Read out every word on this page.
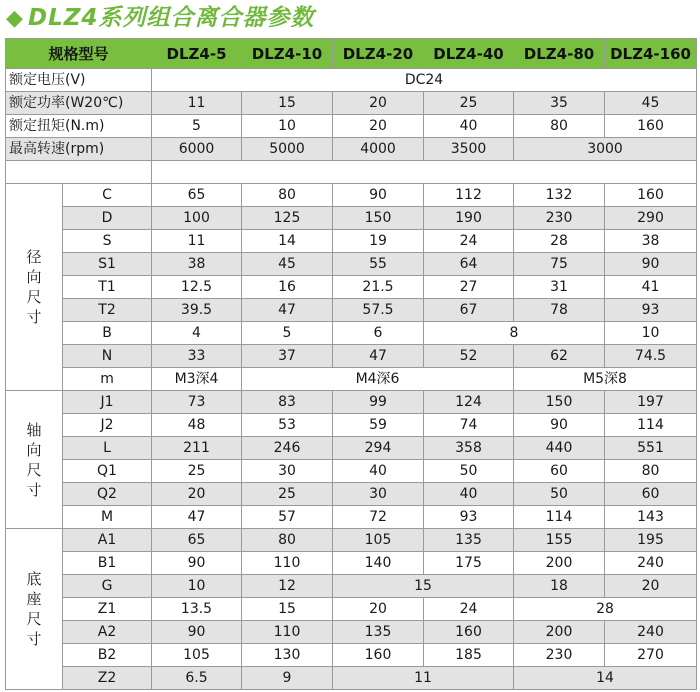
◆ DLZ4系列组合离合器参数
规格型号		DLZ4-5	DLZ4-10	DLZ4-20	DLZ4-40	DLZ4-80	DLZ4-160
额定电压(V)		DC24					
额定功率(W20℃)		11	15	20	25	35	45
额定扭矩(N.m)		5	10	20	40	80	160
最高转速(rpm)		6000	5000	4000	3500	3000	

径
向
尺
寸	C	65	80	90	112	132	160
	D	100	125	150	190	230	290
	S	11	14	19	24	28	38
	S1	38	45	55	64	75	90
	T1	12.5	16	21.5	27	31	41
	T2	39.5	47	57.5	67	78	93
	B	4	5	6	8		10
	N	33	37	47	52	62	74.5
	m	M3深4	M4深6			M5深8	

轴
向
尺
寸	J1	73	83	99	124	150	197
	J2	48	53	59	74	90	114
	L	211	246	294	358	440	551
	Q1	25	30	40	50	60	80
	Q2	20	25	30	40	50	60
	M	47	57	72	93	114	143

底
座
尺
寸	A1	65	80	105	135	155	195
	B1	90	110	140	175	200	240
	G	10	12	15		18	20
	Z1	13.5	15	20	24	28	
	A2	90	110	135	160	200	240
	B2	105	130	160	185	230	270
	Z2	6.5	9	11		14	
